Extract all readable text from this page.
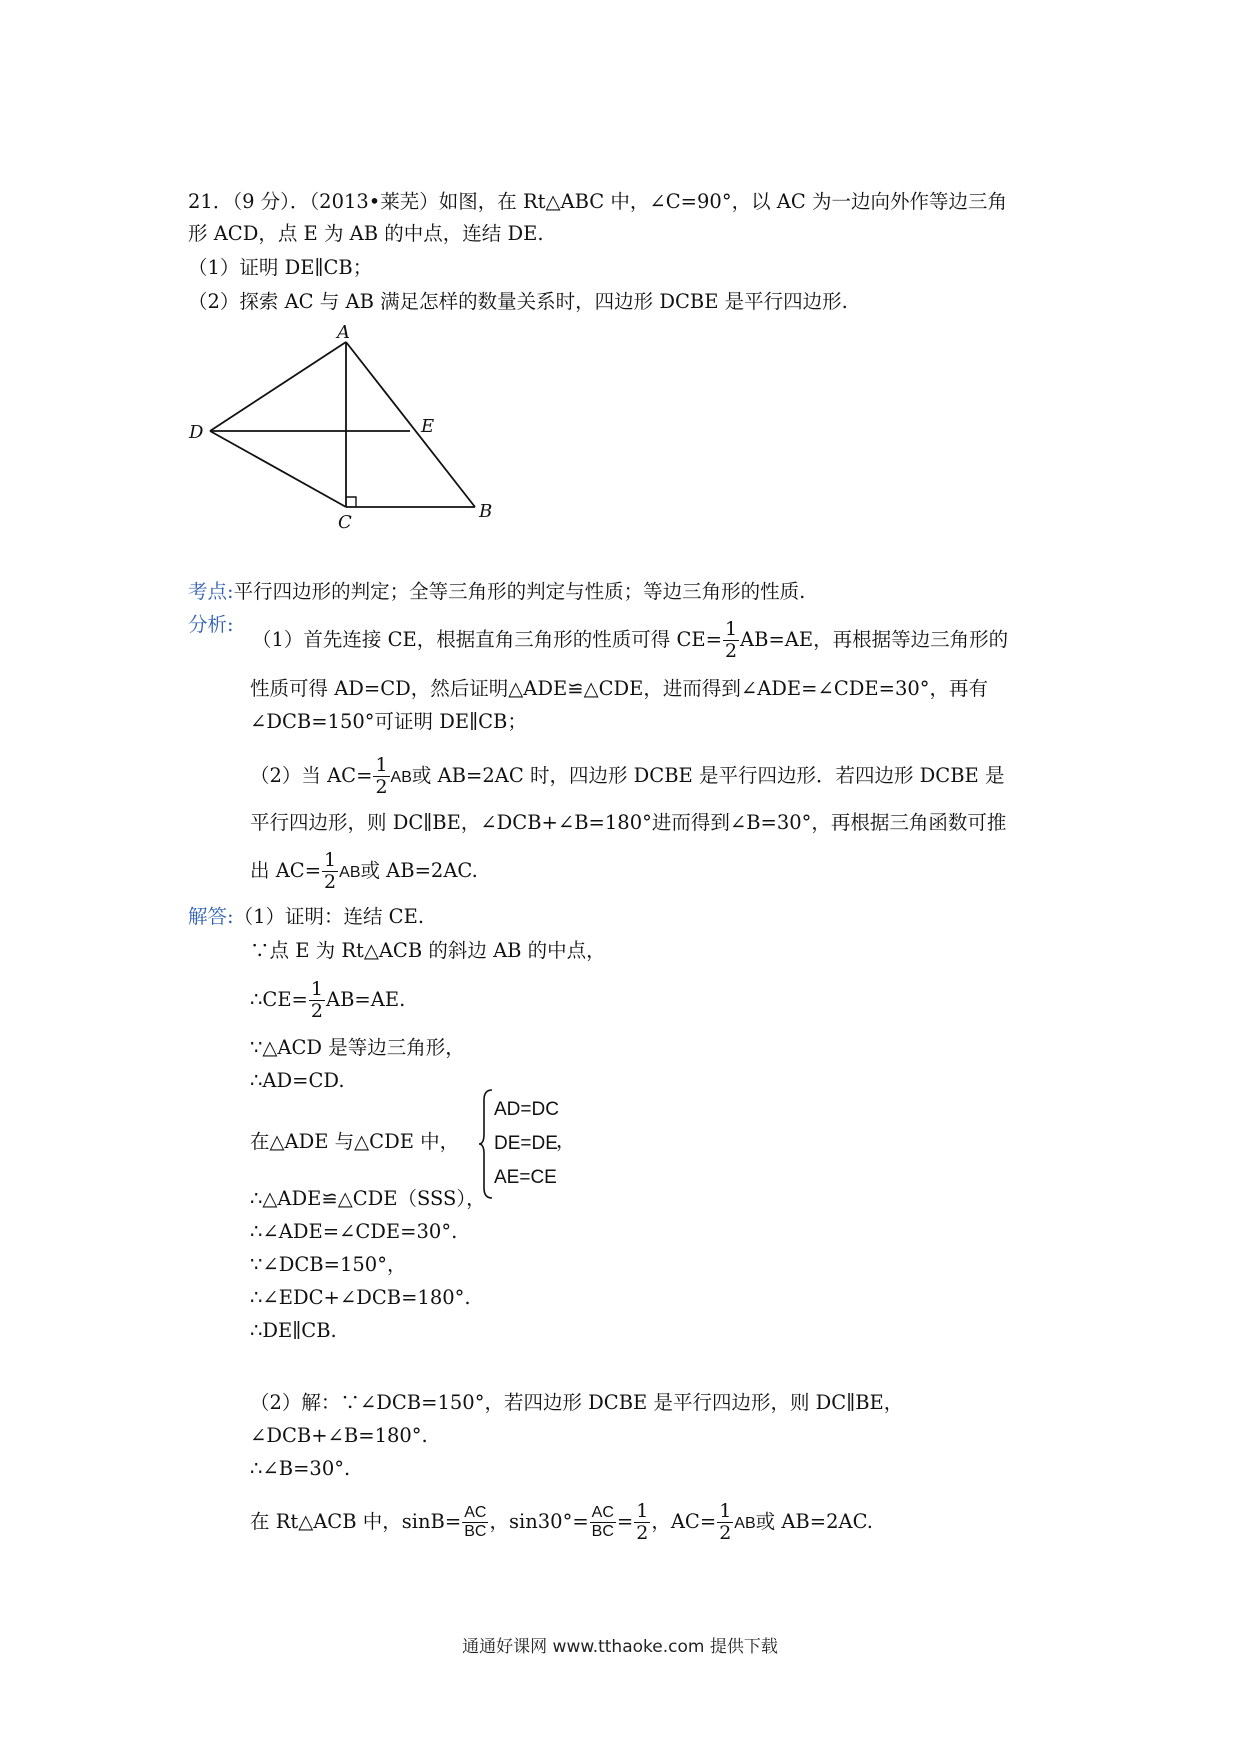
21．（9 分）．（2013•莱芜）如图，在 Rt△ABC 中，∠C=90°，以 AC 为一边向外作等边三角
形 ACD，点 E 为 AB 的中点，连结 DE.
（1）证明 DE∥CB；
（2）探索 AC 与 AB 满足怎样的数量关系时，四边形 DCBE 是平行四边形.
A
D	E
C
B
考点:平行四边形的判定；全等三角形的判定与性质；等边三角形的性质.
分析:
（1）首先连接 CE，根据直角三角形的性质可得 $CE= \frac{1}{2} AB=AE$，再根据等边三角形的
性质可得 AD=CD，然后证明△ADE≌△CDE，进而得到∠ADE=∠CDE=30°，再有
∠DCB=150°可证明 DE∥CB；
（2）当 $AC= \frac{1}{2}$ AB或 AB=2AC 时，四边形 DCBE 是平行四边形．若四边形 DCBE 是
平行四边形，则 DC∥BE，∠DCB+∠B=180°进而得到∠B=30°，再根据三角函数可推
出 $AC= \frac{1}{2}$ AB或 AB=2AC.
解答:（1）证明：连结 CE.
∵点 E 为 Rt△ACB 的斜边 AB 的中点，
∴CE= $\frac{1}{2} AB=AE$.
∵△ACD 是等边三角形，
∴AD=CD.
在△ADE 与△CDE 中，
AD=DC
DE=DE
AE=CE
，
∴△ADE≌△CDE（SSS），
∴∠ADE=∠CDE=30°.
∵∠DCB=150°，
∴∠EDC+∠DCB=180°.
∴DE∥CB.
（2）解：∵∠DCB=150°，若四边形 DCBE 是平行四边形，则 DC∥BE，
∠DCB+∠B=180°.
∴∠B=30°.
在 Rt△ACB 中，$\sin B= \frac{AC}{BC}$ ，$\sin 30^\circ= \frac{AC}{BC} = \frac{1}{2}$ ，$AC= \frac{1}{2}$ AB或 AB=2AC.
通通好课网 www.tthaoke.com 提供下载
